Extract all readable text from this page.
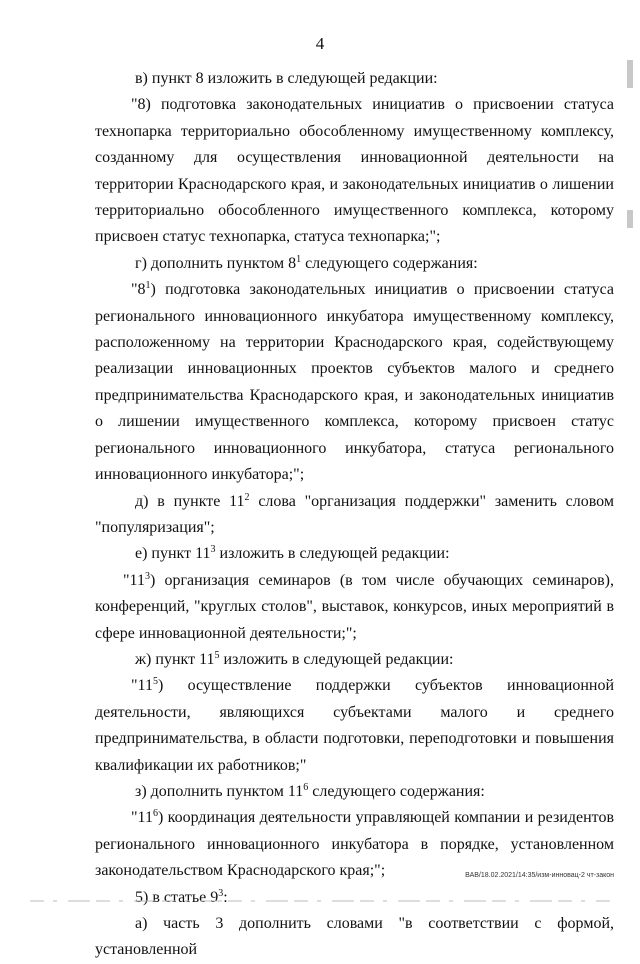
4

в) пункт 8 изложить в следующей редакции:

"8) подготовка законодательных инициатив о присвоении статуса технопарка территориально обособленному имущественному комплексу, созданному для осуществления инновационной деятельности на территории Краснодарского края, и законодательных инициатив о лишении территориально обособленного имущественного комплекса, которому присвоен статус технопарка, статуса технопарка;";

г) дополнить пунктом $8^1$ следующего содержания:

"$8^1$) подготовка законодательных инициатив о присвоении статуса регионального инновационного инкубатора имущественному комплексу, расположенному на территории Краснодарского края, содействующему реализации инновационных проектов субъектов малого и среднего предпринимательства Краснодарского края, и законодательных инициатив о лишении имущественного комплекса, которому присвоен статус регионального инновационного инкубатора, статуса регионального инновационного инкубатора;";

д) в пункте $11^2$ слова "организация поддержки" заменить словом "популяризация";

е) пункт $11^3$ изложить в следующей редакции:

"$11^3$) организация семинаров (в том числе обучающих семинаров), конференций, "круглых столов", выставок, конкурсов, иных мероприятий в сфере инновационной деятельности;";

ж) пункт $11^5$ изложить в следующей редакции:

"$11^5$) осуществление поддержки субъектов инновационной деятельности, являющихся субъектами малого и среднего предпринимательства, в области подготовки, переподготовки и повышения квалификации их работников;"

з) дополнить пунктом $11^6$ следующего содержания:

"$11^6$) координация деятельности управляющей компании и резидентов регионального инновационного инкубатора в порядке, установленном законодательством Краснодарского края;";

5) в статье $9^3$:

а) часть 3 дополнить словами "в соответствии с формой, установленной

ВАВ/18.02.2021/14:35/изм-инновац-2 чт-закон
